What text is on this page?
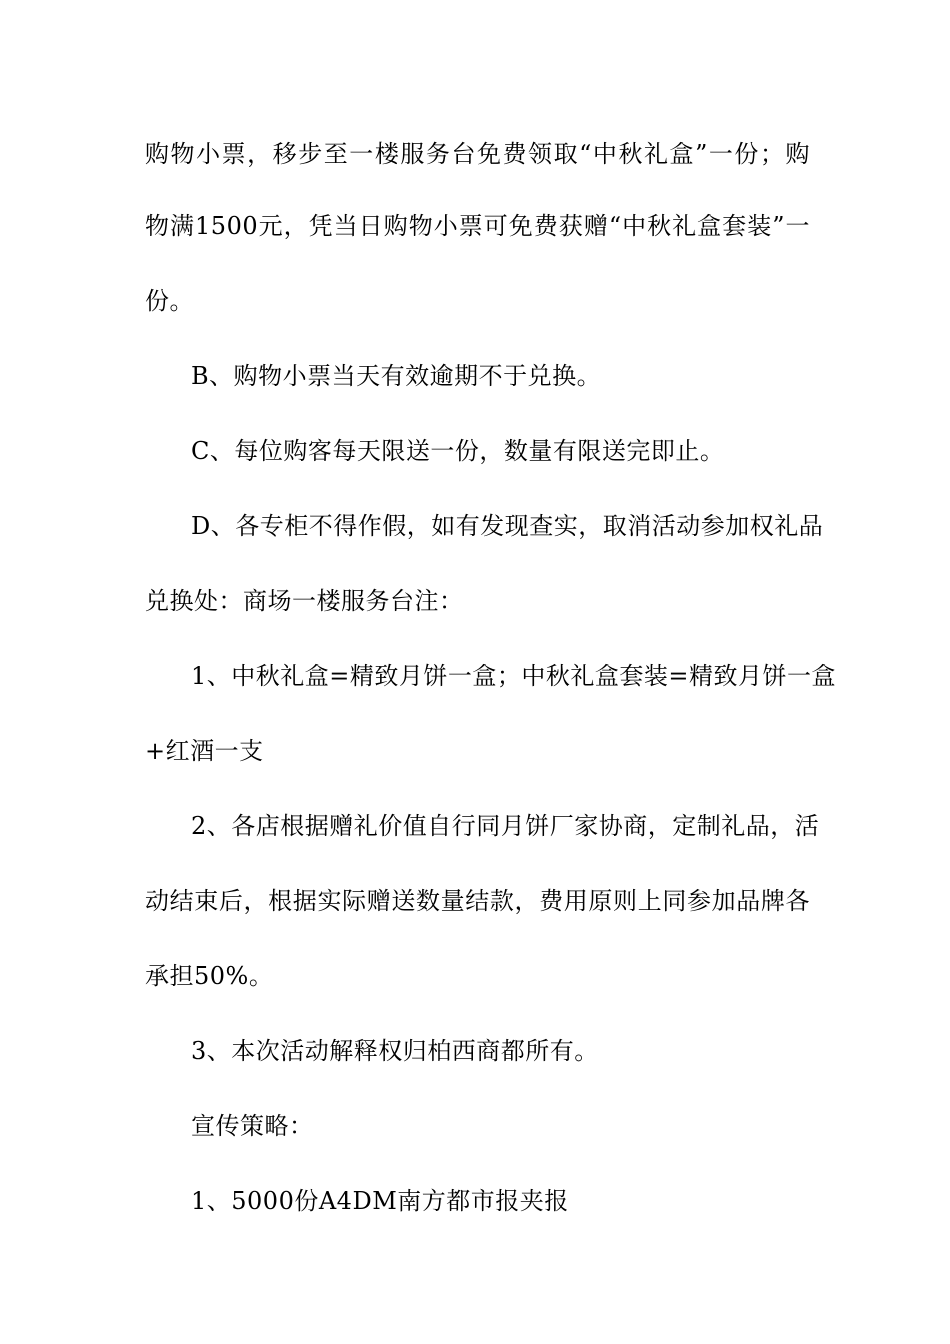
购物小票，移步至一楼服务台免费领取“中秋礼盒”一份；购
物满1500元，凭当日购物小票可免费获赠“中秋礼盒套装”一
份。
B、购物小票当天有效逾期不于兑换。
C、每位购客每天限送一份，数量有限送完即止。
D、各专柜不得作假，如有发现查实，取消活动参加权礼品
兑换处：商场一楼服务台注：
1、中秋礼盒=精致月饼一盒；中秋礼盒套装=精致月饼一盒
+红酒一支
2、各店根据赠礼价值自行同月饼厂家协商，定制礼品，活
动结束后，根据实际赠送数量结款，费用原则上同参加品牌各
承担50%。
3、本次活动解释权归柏西商都所有。
宣传策略：
1、5000份A4DM南方都市报夹报
